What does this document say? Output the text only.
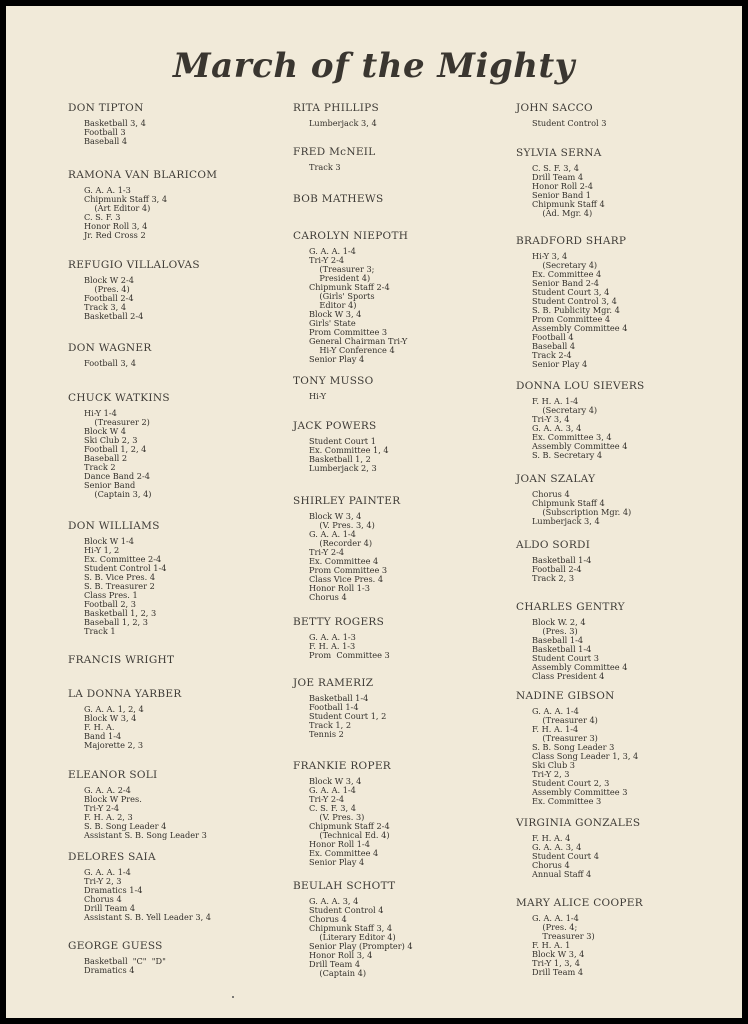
March of the Mighty
DON TIPTON
Basketball 3, 4
Football 3
Baseball 4
RAMONA VAN BLARICOM
G. A. A. 1-3
Chipmunk Staff 3, 4
(Art Editor 4)
C. S. F. 3
Honor Roll 3, 4
Jr. Red Cross 2
REFUGIO VILLALOVAS
Block W 2-4
(Pres. 4)
Football 2-4
Track 3, 4
Basketball 2-4
DON WAGNER
Football 3, 4
CHUCK WATKINS
Hi-Y 1-4
(Treasurer 2)
Block W 4
Ski Club 2, 3
Football 1, 2, 4
Baseball 2
Track 2
Dance Band 2-4
Senior Band
(Captain 3, 4)
DON WILLIAMS
Block W 1-4
Hi-Y 1, 2
Ex. Committee 2-4
Student Control 1-4
S. B. Vice Pres. 4
S. B. Treasurer 2
Class Pres. 1
Football 2, 3
Basketball 1, 2, 3
Baseball 1, 2, 3
Track 1
FRANCIS WRIGHT
LA DONNA YARBER
G. A. A. 1, 2, 4
Block W 3, 4
F. H. A.
Band 1-4
Majorette 2, 3
ELEANOR SOLI
G. A. A. 2-4
Block W Pres.
Tri-Y 2-4
F. H. A. 2, 3
S. B. Song Leader 4
Assistant S. B. Song Leader 3
DELORES SAIA
G. A. A. 1-4
Tri-Y 2, 3
Dramatics 1-4
Chorus 4
Drill Team 4
Assistant S. B. Yell Leader 3, 4
GEORGE GUESS
Basketball  "C"  "D"
Dramatics 4
RITA PHILLIPS
Lumberjack 3, 4
FRED McNEIL
Track 3
BOB MATHEWS
CAROLYN NIEPOTH
G. A. A. 1-4
Tri-Y 2-4
(Treasurer 3;
President 4)
Chipmunk Staff 2-4
(Girls' Sports
Editor 4)
Block W 3, 4
Girls' State
Prom Committee 3
General Chairman Tri-Y
Hi-Y Conference 4
Senior Play 4
TONY MUSSO
Hi-Y
JACK POWERS
Student Court 1
Ex. Committee 1, 4
Basketball 1, 2
Lumberjack 2, 3
SHIRLEY PAINTER
Block W 3, 4
(V. Pres. 3, 4)
G. A. A. 1-4
(Recorder 4)
Tri-Y 2-4
Ex. Committee 4
Prom Committee 3
Class Vice Pres. 4
Honor Roll 1-3
Chorus 4
BETTY ROGERS
G. A. A. 1-3
F. H. A. 1-3
Prom  Committee 3
JOE RAMERIZ
Basketball 1-4
Football 1-4
Student Court 1, 2
Track 1, 2
Tennis 2
FRANKIE ROPER
Block W 3, 4
G. A. A. 1-4
Tri-Y 2-4
C. S. F. 3, 4
(V. Pres. 3)
Chipmunk Staff 2-4
(Technical Ed. 4)
Honor Roll 1-4
Ex. Committee 4
Senior Play 4
BEULAH SCHOTT
G. A. A. 3, 4
Student Control 4
Chorus 4
Chipmunk Staff 3, 4
(Literary Editor 4)
Senior Play (Prompter) 4
Honor Roll 3, 4
Drill Team 4
(Captain 4)
JOHN SACCO
Student Control 3
SYLVIA SERNA
C. S. F. 3, 4
Drill Team 4
Honor Roll 2-4
Senior Band 1
Chipmunk Staff 4
(Ad. Mgr. 4)
BRADFORD SHARP
Hi-Y 3, 4
(Secretary 4)
Ex. Committee 4
Senior Band 2-4
Student Court 3, 4
Student Control 3, 4
S. B. Publicity Mgr. 4
Prom Committee 4
Assembly Committee 4
Football 4
Baseball 4
Track 2-4
Senior Play 4
DONNA LOU SIEVERS
F. H. A. 1-4
(Secretary 4)
Tri-Y 3, 4
G. A. A. 3, 4
Ex. Committee 3, 4
Assembly Committee 4
S. B. Secretary 4
JOAN SZALAY
Chorus 4
Chipmunk Staff 4
(Subscription Mgr. 4)
Lumberjack 3, 4
ALDO SORDI
Basketball 1-4
Football 2-4
Track 2, 3
CHARLES GENTRY
Block W. 2, 4
(Pres. 3)
Baseball 1-4
Basketball 1-4
Student Court 3
Assembly Committee 4
Class President 4
NADINE GIBSON
G. A. A. 1-4
(Treasurer 4)
F. H. A. 1-4
(Treasurer 3)
S. B. Song Leader 3
Class Song Leader 1, 3, 4
Ski Club 3
Tri-Y 2, 3
Student Court 2, 3
Assembly Committee 3
Ex. Committee 3
VIRGINIA GONZALES
F. H. A. 4
G. A. A. 3, 4
Student Court 4
Chorus 4
Annual Staff 4
MARY ALICE COOPER
G. A. A. 1-4
(Pres. 4;
Treasurer 3)
F. H. A. 1
Block W 3, 4
Tri-Y 1, 3, 4
Drill Team 4
